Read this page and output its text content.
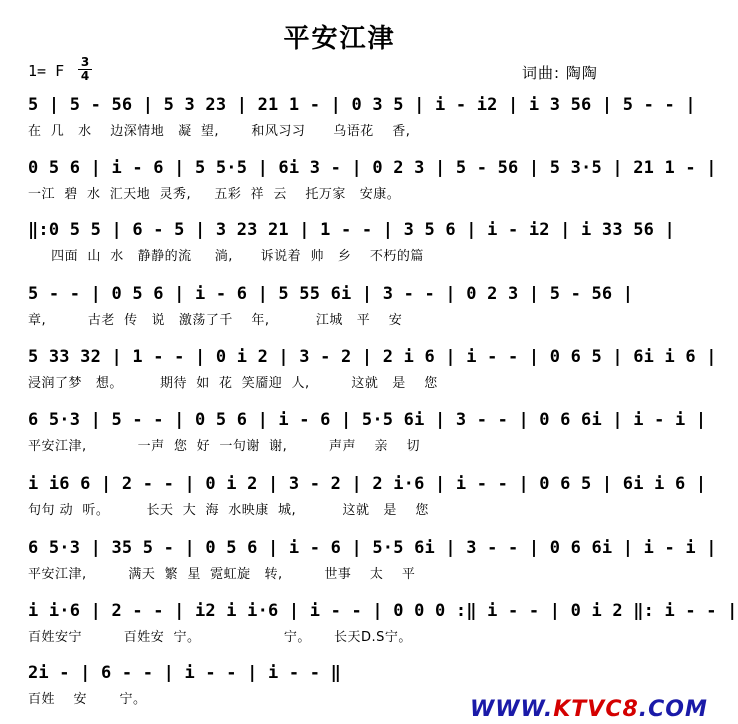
平安江津
1= F 3
4	词曲: 陶陶
5 | 5 - 56 | 5 3 23 | 21 1 - | 0 3 5 | i - i2 | i 3 56 | 5 - - |
在  几   水    边深情地   凝  望,       和风习习      乌语花    香,
0 5 6 | i - 6 | 5 5·5 | 6i 3 - | 0 2 3 | 5 - 56 | 5 3·5 | 21 1 - |
一江  碧  水  汇天地  灵秀,     五彩  祥  云    托万家   安康。
‖:0 5 5 | 6 - 5 | 3 23 21 | 1 - - | 3 5 6 | i - i2 | i 33 56 |
四面  山  水   静静的流     淌,      诉说着  帅   乡    不朽的篇
5 - - | 0 5 6 | i - 6 | 5 55 6i | 3 - - | 0 2 3 | 5 - 56 |
章,         古老  传   说   激荡了千    年,          江城   平    安
5 33 32 | 1 - - | 0 i 2 | 3 - 2 | 2 i 6 | i - - | 0 6 5 | 6i i 6 |
浸润了梦   想。        期待  如  花  笑靥迎  人,         这就   是    您
6 5·3 | 5 - - | 0 5 6 | i - 6 | 5·5 6i | 3 - - | 0 6 6i | i - i |
平安江津,           一声  您  好  一句谢  谢,         声声    亲    切
i i6 6 | 2 - - | 0 i 2 | 3 - 2 | 2 i·6 | i - - | 0 6 5 | 6i i 6 |
句句 动  听。        长天  大  海  水映康  城,          这就   是    您
6 5·3 | 35 5 - | 0 5 6 | i - 6 | 5·5 6i | 3 - - | 0 6 6i | i - i |
平安江津,         满天  繁  星  霓虹旋   转,         世事    太    平
i i·6 | 2 - - | i2 i i·6 | i - - | 0 0 0 :‖ i - - | 0 i 2 ‖: i - - |
百姓安宁         百姓安  宁。                  宁。     长天D.S宁。
2i - | 6 - - | i - - | i - - ‖
百姓    安       宁。	WWW.KTVC8.COM
